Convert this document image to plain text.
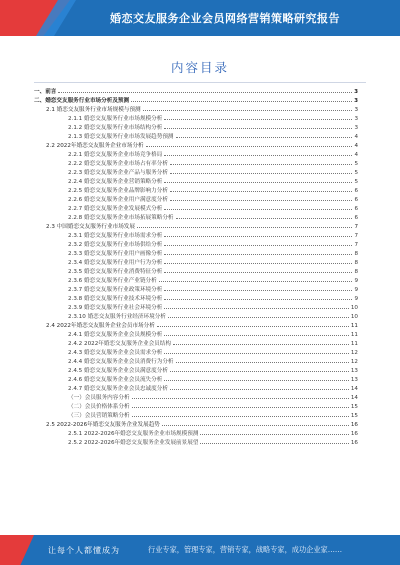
婚恋交友服务企业会员网络营销策略研究报告
内容目录
一、前言	3
二、婚恋交友服务行业市场分析及预测	3
2.1 婚恋交友服务行业市场规模与预测	3
2.1.1 婚恋交友服务行业市场规模分析	3
2.1.2 婚恋交友服务行业市场结构分析	3
2.1.3 婚恋交友服务行业市场发展趋势预测	4
2.2 2022年婚恋交友服务企业市场分析	4
2.2.1 婚恋交友服务企业市场竞争格局	4
2.2.2 婚恋交友服务企业市场占有率分析	5
2.2.3 婚恋交友服务企业产品与服务分析	5
2.2.4 婚恋交友服务企业营销策略分析	5
2.2.5 婚恋交友服务企业品牌影响力分析	6
2.2.6 婚恋交友服务企业用户满意度分析	6
2.2.7 婚恋交友服务企业发展模式分析	6
2.2.8 婚恋交友服务企业市场拓展策略分析	6
2.3 中国婚恋交友服务行业市场发展	7
2.3.1 婚恋交友服务行业市场需求分析	7
2.3.2 婚恋交友服务行业市场供给分析	7
2.3.3 婚恋交友服务行业用户画像分析	8
2.3.4 婚恋交友服务行业用户行为分析	8
2.3.5 婚恋交友服务行业消费特征分析	8
2.3.6 婚恋交友服务行业产业链分析	9
2.3.7 婚恋交友服务行业政策环境分析	9
2.3.8 婚恋交友服务行业技术环境分析	9
2.3.9 婚恋交友服务行业社会环境分析	10
2.3.10 婚恋交友服务行业经济环境分析	10
2.4 2022年婚恋交友服务企业会员市场分析	11
2.4.1 婚恋交友服务企业会员规模分析	11
2.4.2 2022年婚恋交友服务企业会员结构	11
2.4.3 婚恋交友服务企业会员需求分析	12
2.4.4 婚恋交友服务企业会员消费行为分析	12
2.4.5 婚恋交友服务企业会员满意度分析	13
2.4.6 婚恋交友服务企业会员流失分析	13
2.4.7 婚恋交友服务企业会员忠诚度分析	14
（一）会员服务内容分析	14
（二）会员价格体系分析	15
（三）会员营销策略分析	15
2.5 2022-2026年婚恋交友服务企业发展趋势	16
2.5.1 2022-2026年婚恋交友服务企业市场规模预测	16
2.5.2 2022-2026年婚恋交友服务企业发展前景展望	16
让每个人都懂成为	行业专家，管理专家，营销专家，战略专家，成功企业家……
